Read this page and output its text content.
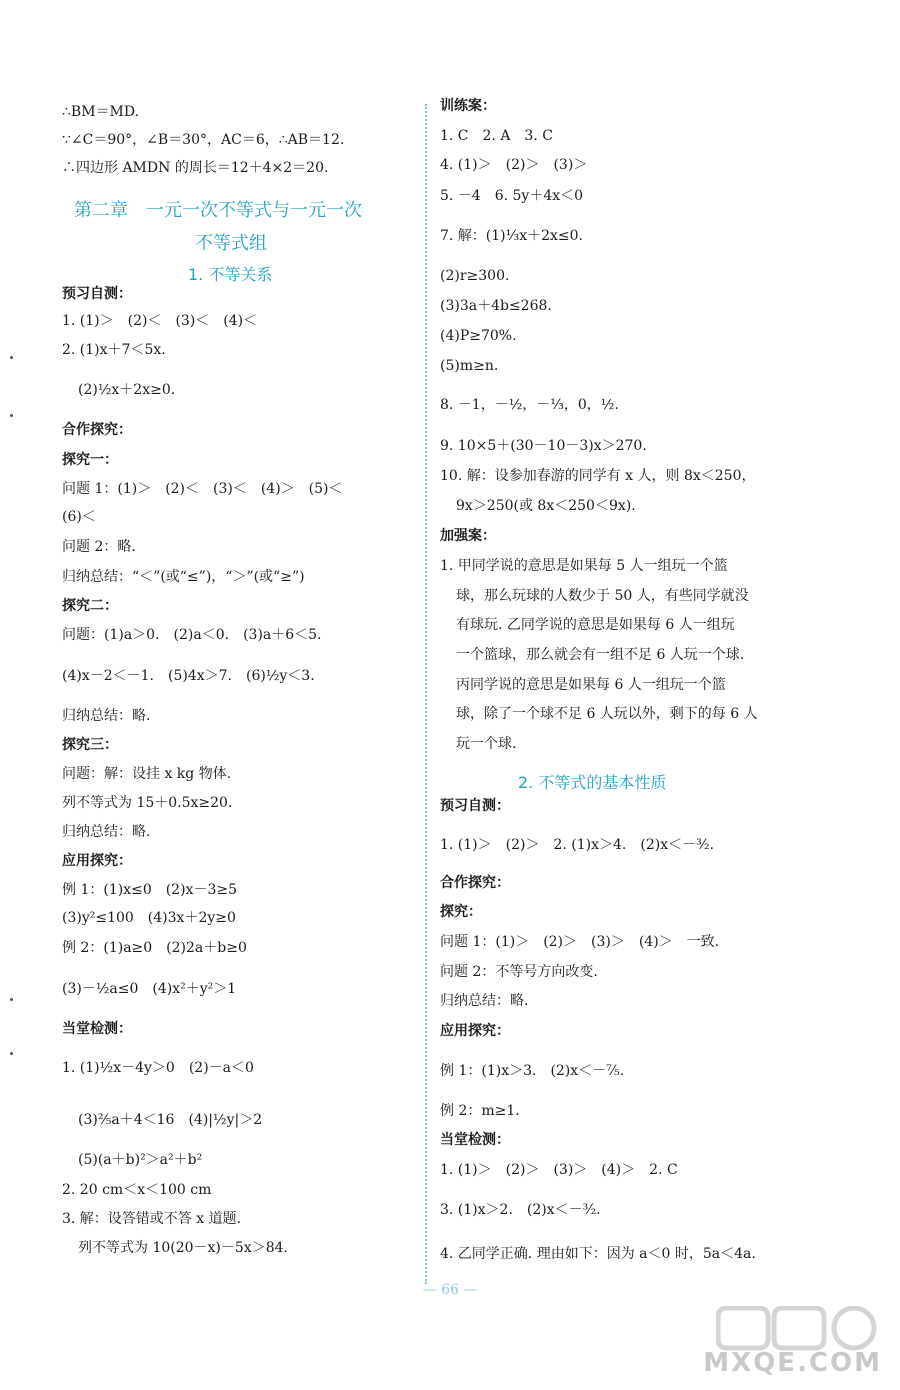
第二章　一元一次不等式与一元一次
不等式组
1. 不等关系
∴BM＝MD.
∵∠C＝90°，∠B＝30°，AC＝6，∴AB＝12.
∴四边形 AMDN 的周长＝12＋4×2＝20.
预习自测：
1. (1)＞　(2)＜　(3)＜　(4)＜
2. (1)x＋7＜5x.
(2)½x＋2x≥0.
合作探究：
探究一：
问题 1：(1)＞　(2)＜　(3)＜　(4)＞　(5)＜
(6)＜
问题 2：略.
归纳总结：“＜”(或“≤”)，“＞”(或“≥”)
探究二：
问题：(1)a＞0.　(2)a＜0.　(3)a＋6＜5.
(4)x－2＜－1.　(5)4x＞7.　(6)½y＜3.
归纳总结：略.
探究三：
问题：解：设挂 x kg 物体.
列不等式为 15＋0.5x≥20.
归纳总结：略.
应用探究：
例 1：(1)x≤0　(2)x－3≥5
(3)y²≤100　(4)3x＋2y≥0
例 2：(1)a≥0　(2)2a＋b≥0
(3)－½a≤0　(4)x²＋y²＞1
当堂检测：
1. (1)½x－4y＞0　(2)－a＜0
(3)⅖a＋4＜16　(4)|½y|＞2
(5)(a＋b)²＞a²＋b²
2. 20 cm＜x＜100 cm
3. 解：设答错或不答 x 道题.
列不等式为 10(20－x)－5x＞84.
2. 不等式的基本性质
训练案：
1. C　2. A　3. C
4. (1)＞　(2)＞　(3)＞
5. －4　6. 5y＋4x＜0
7. 解：(1)⅓x＋2x≤0.
(2)r≥300.
(3)3a＋4b≤268.
(4)P≥70%.
(5)m≥n.
8. －1，－½，－⅓，0，½.
9. 10×5＋(30－10－3)x＞270.
10. 解：设参加春游的同学有 x 人，则 8x＜250，
9x＞250(或 8x＜250＜9x).
加强案：
1. 甲同学说的意思是如果每 5 人一组玩一个篮
球，那么玩球的人数少于 50 人，有些同学就没
有球玩. 乙同学说的意思是如果每 6 人一组玩
一个篮球，那么就会有一组不足 6 人玩一个球.
丙同学说的意思是如果每 6 人一组玩一个篮
球，除了一个球不足 6 人玩以外，剩下的每 6 人
玩一个球.
预习自测：
1. (1)＞　(2)＞　2. (1)x＞4.　(2)x＜－³⁄₂.
合作探究：
探究：
问题 1：(1)＞　(2)＞　(3)＞　(4)＞　一致.
问题 2：不等号方向改变.
归纳总结：略.
应用探究：
例 1：(1)x＞3.　(2)x＜－⁷⁄₅.
例 2：m≥1.
当堂检测：
1. (1)＞　(2)＞　(3)＞　(4)＞　2. C
3. (1)x＞2.　(2)x＜－³⁄₂.
4. 乙同学正确. 理由如下：因为 a＜0 时，5a＜4a.
— 66 —
MXQE.COM
